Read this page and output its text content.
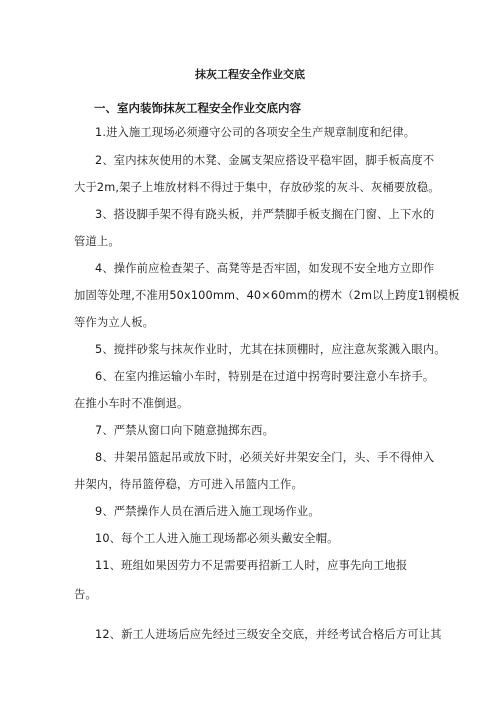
抹灰工程安全作业交底
一、室内装饰抹灰工程安全作业交底内容
1.进入施工现场必须遵守公司的各项安全生产规章制度和纪律。
2、室内抹灰使用的木凳、金属支架应搭设平稳牢固，脚手板高度不
大于2m,架子上堆放材料不得过于集中，存放砂浆的灰斗、灰桶要放稳。
3、搭设脚手架不得有跷头板，并严禁脚手板支搁在门窗、上下水的
管道上。
4、操作前应检查架子、高凳等是否牢固，如发现不安全地方立即作
加固等处理,不准用50x100mm、40×60mm的楞木（2m以上跨度1钢模板
等作为立人板。
5、搅拌砂浆与抹灰作业时，尤其在抹顶棚时，应注意灰浆溅入眼内。
6、在室内推运输小车时，特别是在过道中拐弯时要注意小车挤手。
在推小车时不准倒退。
7、严禁从窗口向下随意抛掷东西。
8、井架吊篮起吊或放下时，必须关好井架安全门，头、手不得伸入
井架内，待吊篮停稳，方可进入吊篮内工作。
9、严禁操作人员在酒后进入施工现场作业。
10、每个工人进入施工现场都必须头戴安全帽。
11、班组如果因劳力不足需要再招新工人时，应事先向工地报
告。
12、新工人进场后应先经过三级安全交底，并经考试合格后方可让其
